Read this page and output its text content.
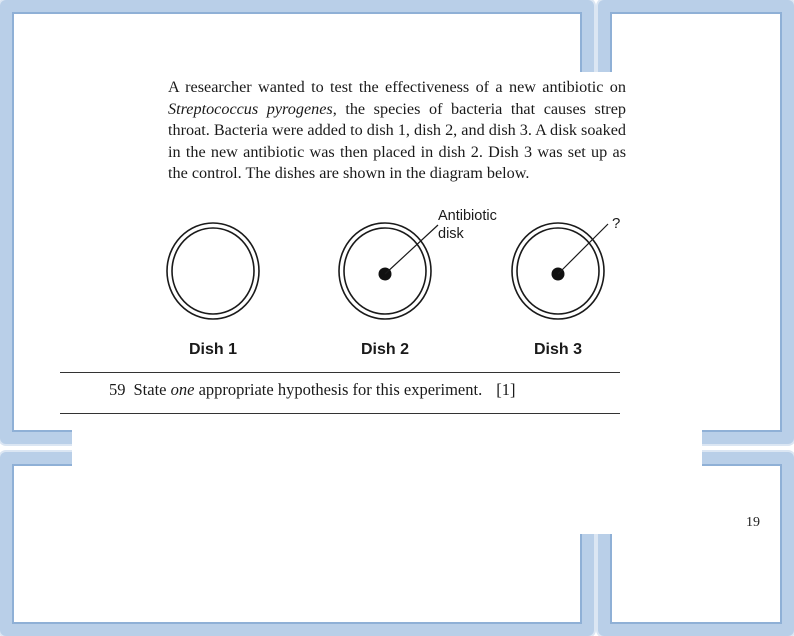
A researcher wanted to test the effectiveness of a new antibiotic on Streptococcus pyrogenes, the species of bacteria that causes strep throat. Bacteria were added to dish 1, dish 2, and dish 3. A disk soaked in the new antibiotic was then placed in dish 2. Dish 3 was set up as the control. The dishes are shown in the diagram below.

Antibiotic
disk
?
Dish 1	Dish 2	Dish 3
59 State one appropriate hypothesis for this experiment. [1]
19
